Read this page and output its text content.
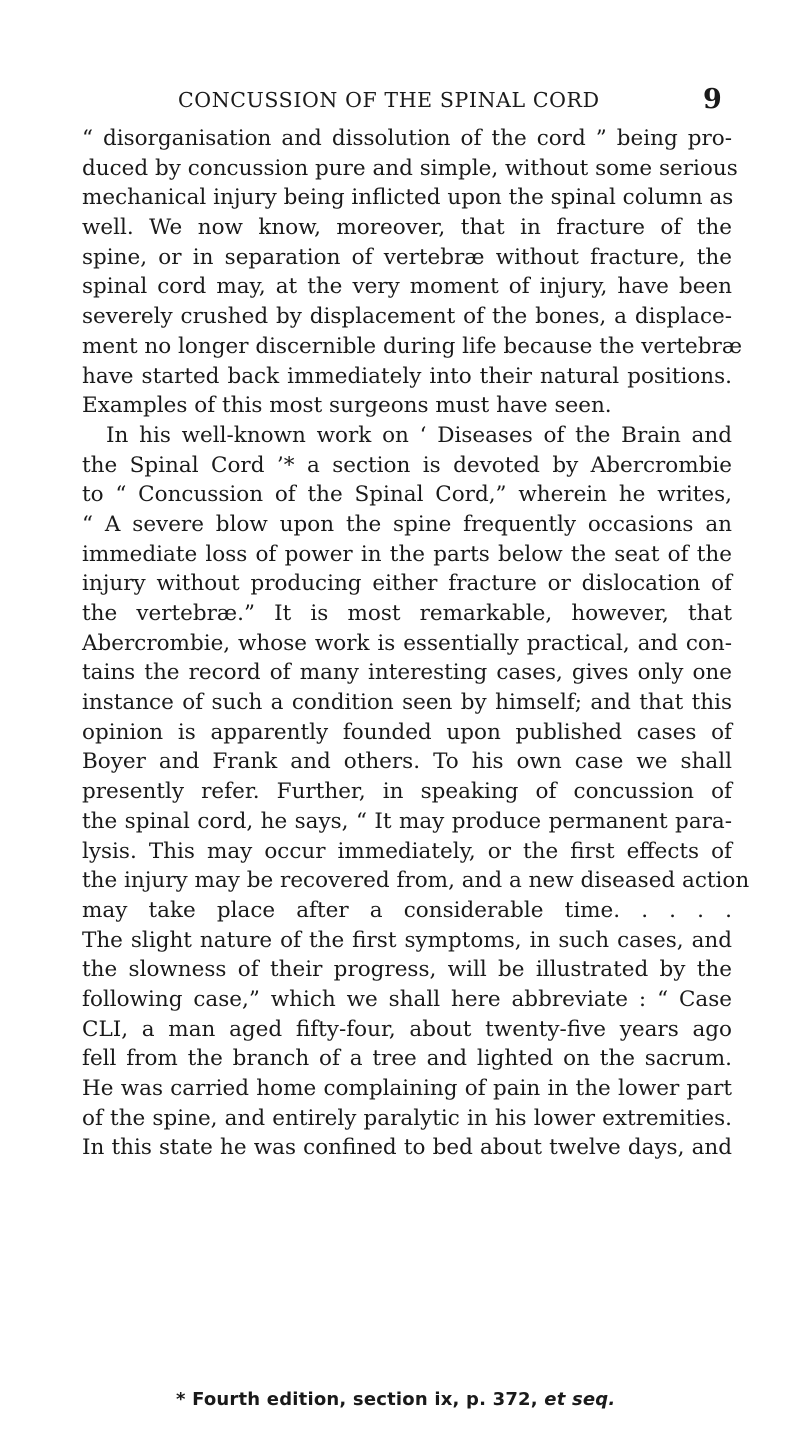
CONCUSSION OF THE SPINAL CORD	9
“ disorganisation and dissolution of the cord ” being pro-
duced by concussion pure and simple, without some serious
mechanical injury being inflicted upon the spinal column as
well. We now know, moreover, that in fracture of the
spine, or in separation of vertebræ without fracture, the
spinal cord may, at the very moment of injury, have been
severely crushed by displacement of the bones, a displace-
ment no longer discernible during life because the vertebræ
have started back immediately into their natural positions.
Examples of this most surgeons must have seen.
In his well-known work on ‘ Diseases of the Brain and
the Spinal Cord ’* a section is devoted by Abercrombie
to “ Concussion of the Spinal Cord,” wherein he writes,
“ A severe blow upon the spine frequently occasions an
immediate loss of power in the parts below the seat of the
injury without producing either fracture or dislocation of
the vertebræ.” It is most remarkable, however, that
Abercrombie, whose work is essentially practical, and con-
tains the record of many interesting cases, gives only one
instance of such a condition seen by himself; and that this
opinion is apparently founded upon published cases of
Boyer and Frank and others. To his own case we shall
presently refer. Further, in speaking of concussion of
the spinal cord, he says, “ It may produce permanent para-
lysis. This may occur immediately, or the first effects of
the injury may be recovered from, and a new diseased action
may take place after a considerable time. . . . .
The slight nature of the first symptoms, in such cases, and
the slowness of their progress, will be illustrated by the
following case,” which we shall here abbreviate : “ Case
CLI, a man aged fifty-four, about twenty-five years ago
fell from the branch of a tree and lighted on the sacrum.
He was carried home complaining of pain in the lower part
of the spine, and entirely paralytic in his lower extremities.
In this state he was confined to bed about twelve days, and
* Fourth edition, section ix, p. 372, et seq.
